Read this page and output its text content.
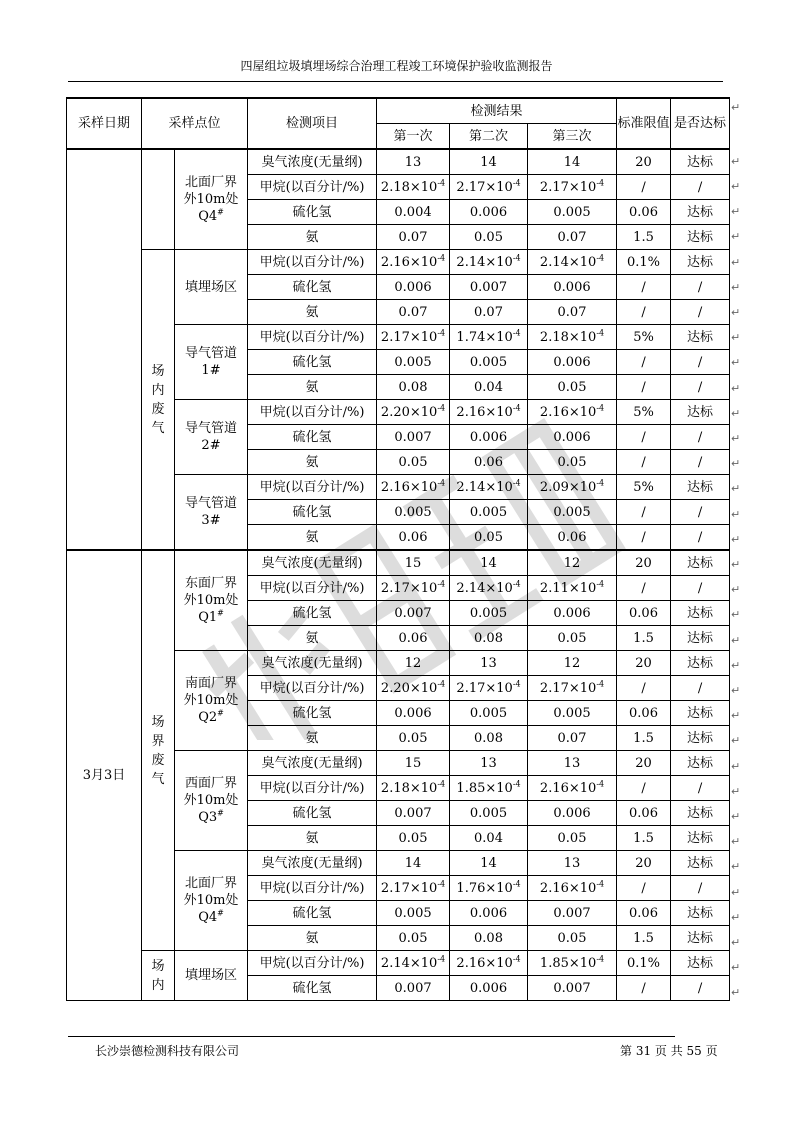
四屋组垃圾填埋场综合治理工程竣工环境保护验收监测报告
采样日期	采样点位		检测项目	检测结果			标准限值	是否达标
				第一次	第二次	第三次		
		北面厂界外10m处Q4#	臭气浓度(无量纲)	13	14	14	20	达标
			甲烷(以百分计/%)	$2.18\times 10^{-4}$	$2.17\times 10^{-4}$	$2.17\times 10^{-4}$	/	/
			硫化氢	0.004	0.006	0.005	0.06	达标
			氨	0.07	0.05	0.07	1.5	达标
	场内废气	填埋场区	甲烷(以百分计/%)	$2.16\times 10^{-4}$	$2.14\times 10^{-4}$	$2.14\times 10^{-4}$	0.1%	达标
			硫化氢	0.006	0.007	0.006	/	/
			氨	0.07	0.07	0.07	/	/
		导气管道1#	甲烷(以百分计/%)	$2.17\times 10^{-4}$	$1.74\times 10^{-4}$	$2.18\times 10^{-4}$	5%	达标
			硫化氢	0.005	0.005	0.006	/	/
			氨	0.08	0.04	0.05	/	/
		导气管道2#	甲烷(以百分计/%)	$2.20\times 10^{-4}$	$2.16\times 10^{-4}$	$2.16\times 10^{-4}$	5%	达标
			硫化氢	0.007	0.006	0.006	/	/
			氨	0.05	0.06	0.05	/	/
		导气管道3#	甲烷(以百分计/%)	$2.16\times 10^{-4}$	$2.14\times 10^{-4}$	$2.09\times 10^{-4}$	5%	达标
			硫化氢	0.005	0.005	0.005	/	/
			氨	0.06	0.05	0.06	/	/
3月3日	场界废气	东面厂界外10m处Q1#	臭气浓度(无量纲)	15	14	12	20	达标
			甲烷(以百分计/%)	$2.17\times 10^{-4}$	$2.14\times 10^{-4}$	$2.11\times 10^{-4}$	/	/
			硫化氢	0.007	0.005	0.006	0.06	达标
			氨	0.06	0.08	0.05	1.5	达标
		南面厂界外10m处Q2#	臭气浓度(无量纲)	12	13	12	20	达标
			甲烷(以百分计/%)	$2.20\times 10^{-4}$	$2.17\times 10^{-4}$	$2.17\times 10^{-4}$	/	/
			硫化氢	0.006	0.005	0.005	0.06	达标
			氨	0.05	0.08	0.07	1.5	达标
		西面厂界外10m处Q3#	臭气浓度(无量纲)	15	13	13	20	达标
			甲烷(以百分计/%)	$2.18\times 10^{-4}$	$1.85\times 10^{-4}$	$2.16\times 10^{-4}$	/	/
			硫化氢	0.007	0.005	0.006	0.06	达标
			氨	0.05	0.04	0.05	1.5	达标
		北面厂界外10m处Q4#	臭气浓度(无量纲)	14	14	13	20	达标
			甲烷(以百分计/%)	$2.17\times 10^{-4}$	$1.76\times 10^{-4}$	$2.16\times 10^{-4}$	/	/
			硫化氢	0.005	0.006	0.007	0.06	达标
			氨	0.05	0.08	0.05	1.5	达标
	场内	填埋场区	甲烷(以百分计/%)	$2.14\times 10^{-4}$	$2.16\times 10^{-4}$	$1.85\times 10^{-4}$	0.1%	达标
			硫化氢	0.007	0.006	0.007	/	/
↵
↵
↵
↵
↵
↵
↵
↵
↵
↵
↵
↵
↵
↵
↵
↵
↵
↵
↵
↵
↵
↵
↵
↵
↵
↵
↵
↵
↵
↵
↵
↵
↵
↵
↵
长沙崇德检测科技有限公司	第 31 页 共 55 页
